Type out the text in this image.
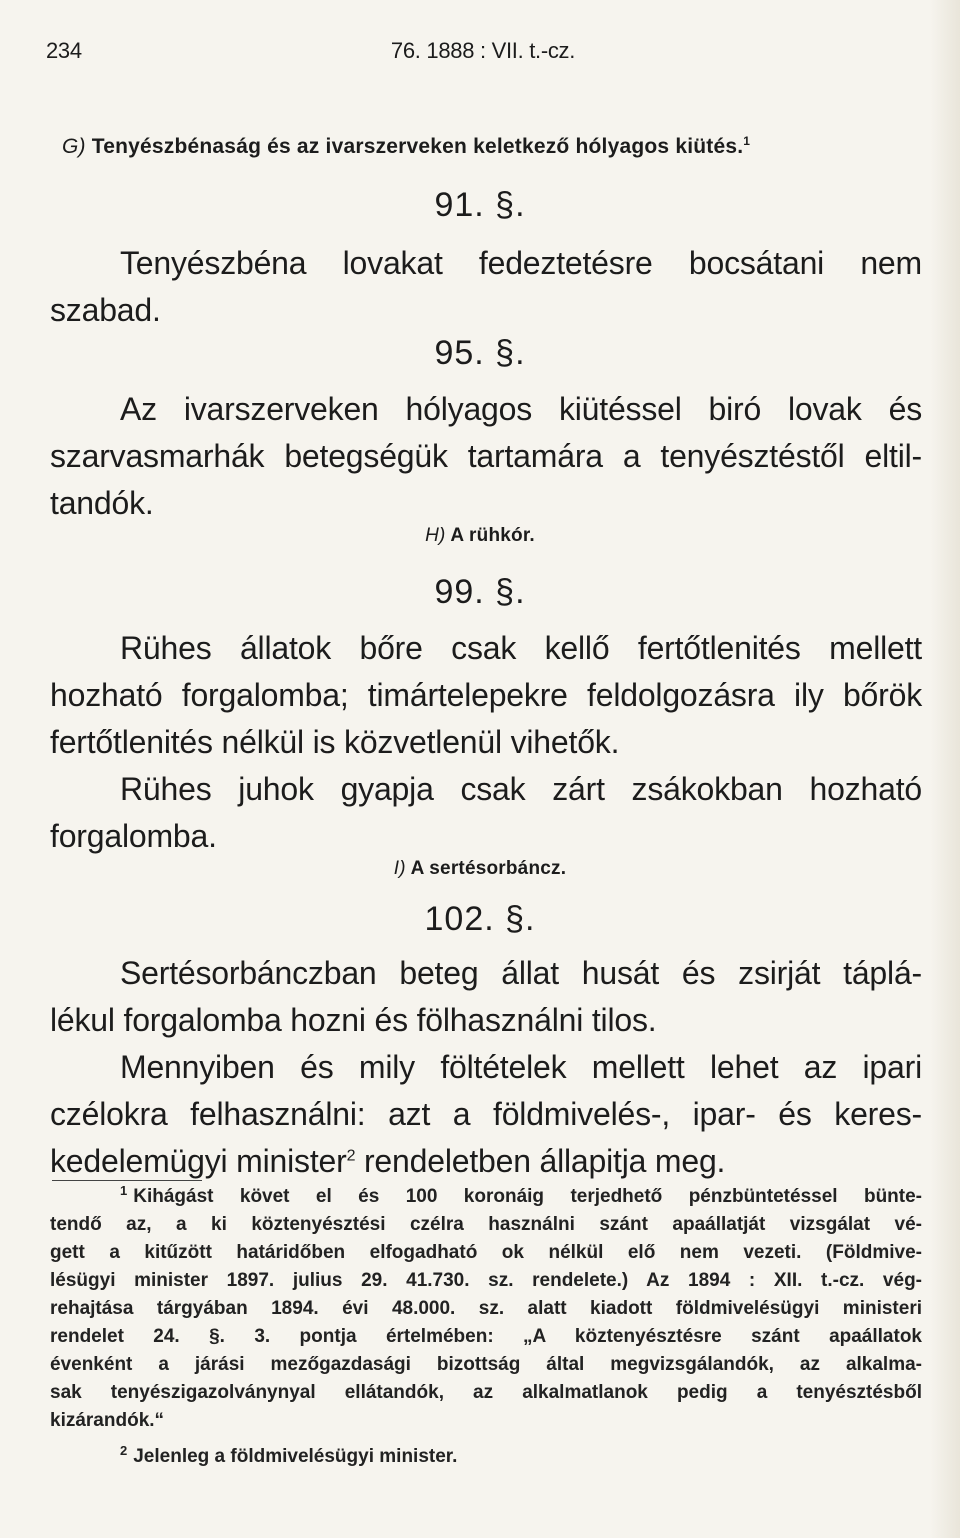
234	76. 1888 : VII. t.-cz.
G) Tenyészbénaság és az ivarszerveken keletkező hólyagos kiütés.$^1$
91. §.
Tenyészbéna lovakat fedeztetésre bocsátani nem
szabad.
95. §.
Az ivarszerveken hólyagos kiütéssel biró lovak és
szarvasmarhák betegségük tartamára a tenyésztéstől eltil-
tandók.
H) A rühkór.
99. §.
Rühes állatok bőre csak kellő fertőtlenités mellett
hozható forgalomba; timártelepekre feldolgozásra ily bőrök
fertőtlenités nélkül is közvetlenül vihetők.
Rühes juhok gyapja csak zárt zsákokban hozható
forgalomba.
I) A sertésorbáncz.
102. §.
Sertésorbánczban beteg állat husát és zsirját táplá-
lékul forgalomba hozni és fölhasználni tilos.
Mennyiben és mily föltételek mellett lehet az ipari
czélokra felhasználni: azt a földmivelés-, ipar- és keres-
kedelemügyi minister$^2$ rendeletben állapitja meg.
$^1$ Kihágást követ el és 100 koronáig terjedhető pénzbüntetéssel bünte-
tendő az, a ki köztenyésztési czélra használni szánt apaállatját vizsgálat vé-
gett a kitűzött határidőben elfogadható ok nélkül elő nem vezeti. (Földmive-
lésügyi minister 1897. julius 29. 41.730. sz. rendelete.) Az 1894 : XII. t.-cz. vég-
rehajtása tárgyában 1894. évi 48.000. sz. alatt kiadott földmivelésügyi ministeri
rendelet 24. §. 3. pontja értelmében: „A köztenyésztésre szánt apaállatok
évenként a járási mezőgazdasági bizottság által megvizsgálandók, az alkalma-
sak tenyészigazolványnyal ellátandók, az alkalmatlanok pedig a tenyésztésből
kizárandók.“
$^2$ Jelenleg a földmivelésügyi minister.
